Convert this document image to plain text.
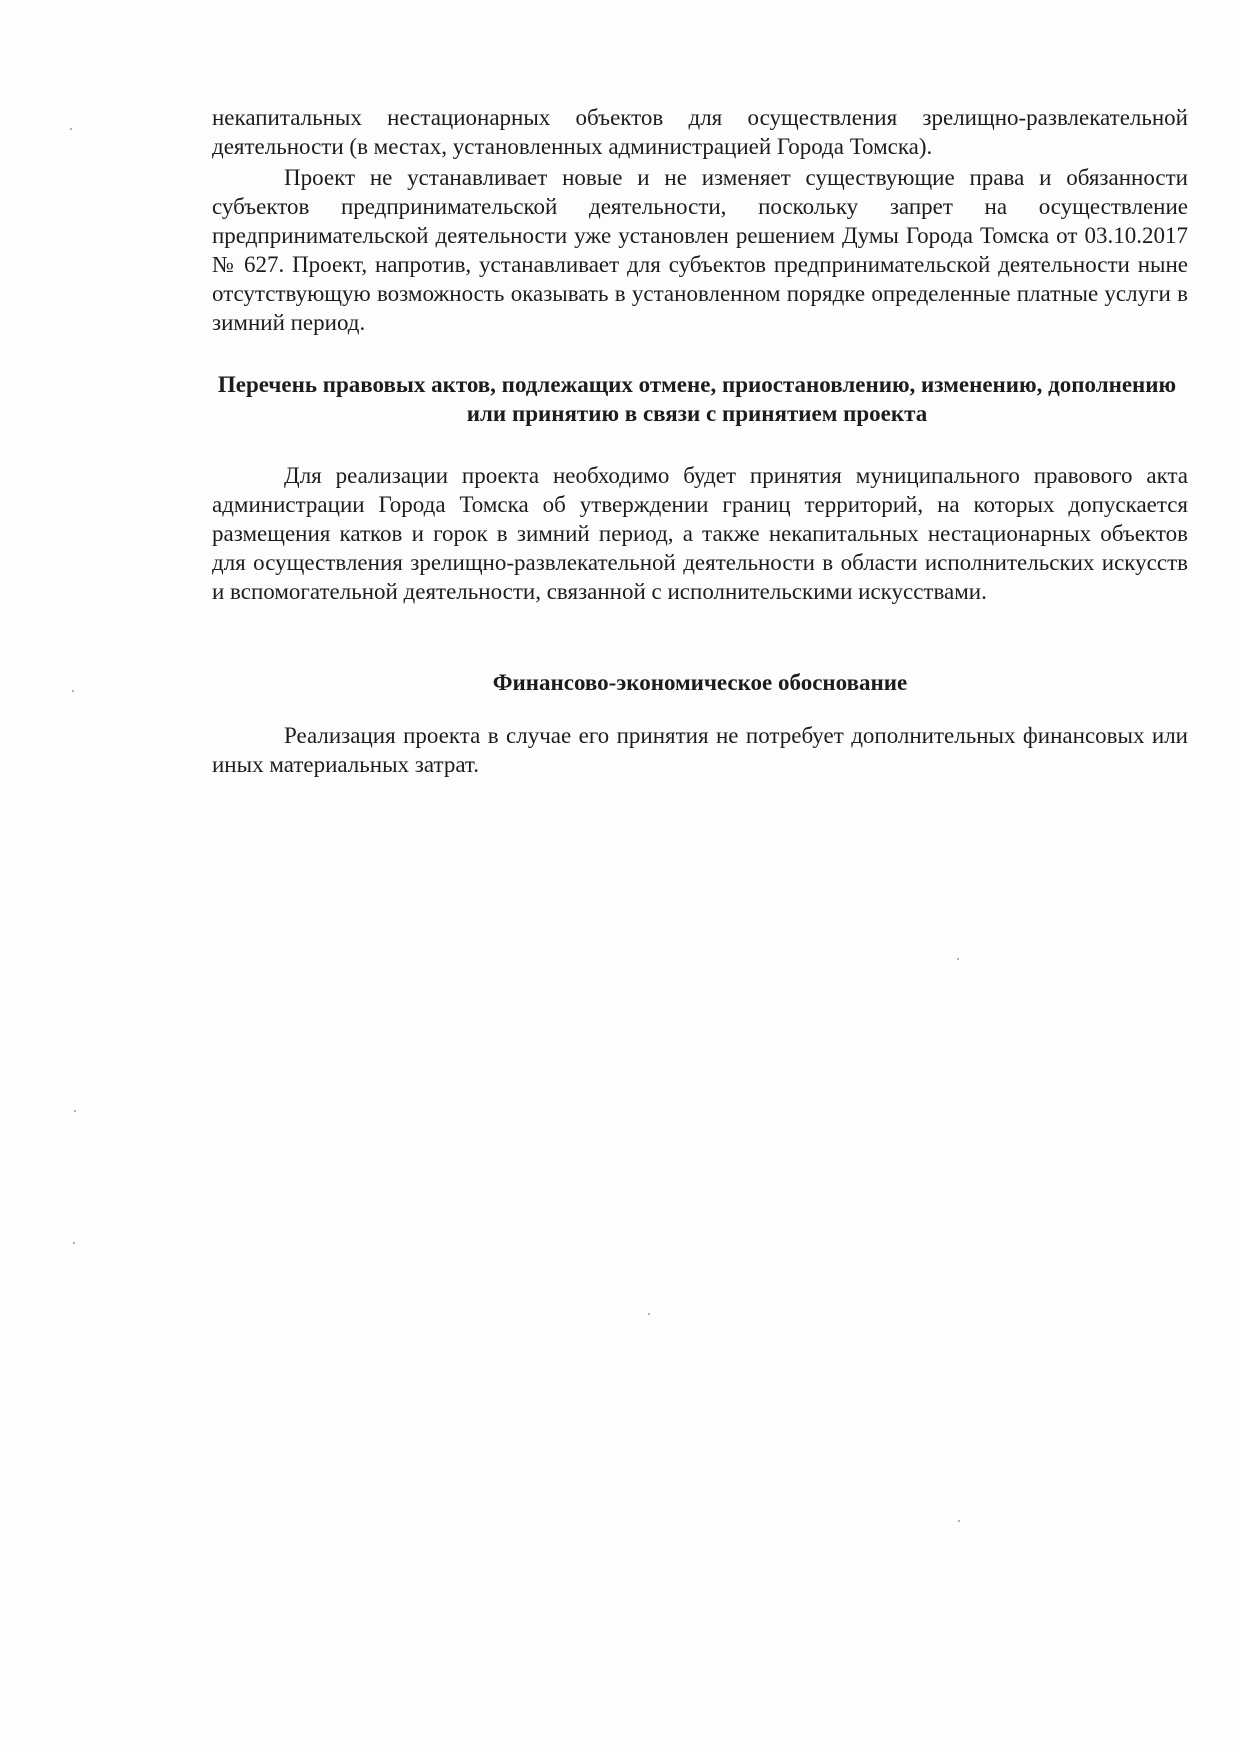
некапитальных нестационарных объектов для осуществления зрелищно-развлекательной деятельности (в местах, установленных администрацией Города Томска).

Проект не устанавливает новые и не изменяет существующие права и обязанности субъектов предпринимательской деятельности, поскольку запрет на осуществление предпринимательской деятельности уже установлен решением Думы Города Томска от 03.10.2017 № 627. Проект, напротив, устанавливает для субъектов предпринимательской деятельности ныне отсутствующую возможность оказывать в установленном порядке определенные платные услуги в зимний период.

Перечень правовых актов, подлежащих отмене, приостановлению, изменению, дополнению или принятию в связи с принятием проекта

Для реализации проекта необходимо будет принятия муниципального правового акта администрации Города Томска об утверждении границ территорий, на которых допускается размещения катков и горок в зимний период, а также некапитальных нестационарных объектов для осуществления зрелищно-развлекательной деятельности в области исполнительских искусств и вспомогательной деятельности, связанной с исполнительскими искусствами.

Финансово-экономическое обоснование

Реализация проекта в случае его принятия не потребует дополнительных финансовых или иных материальных затрат.
